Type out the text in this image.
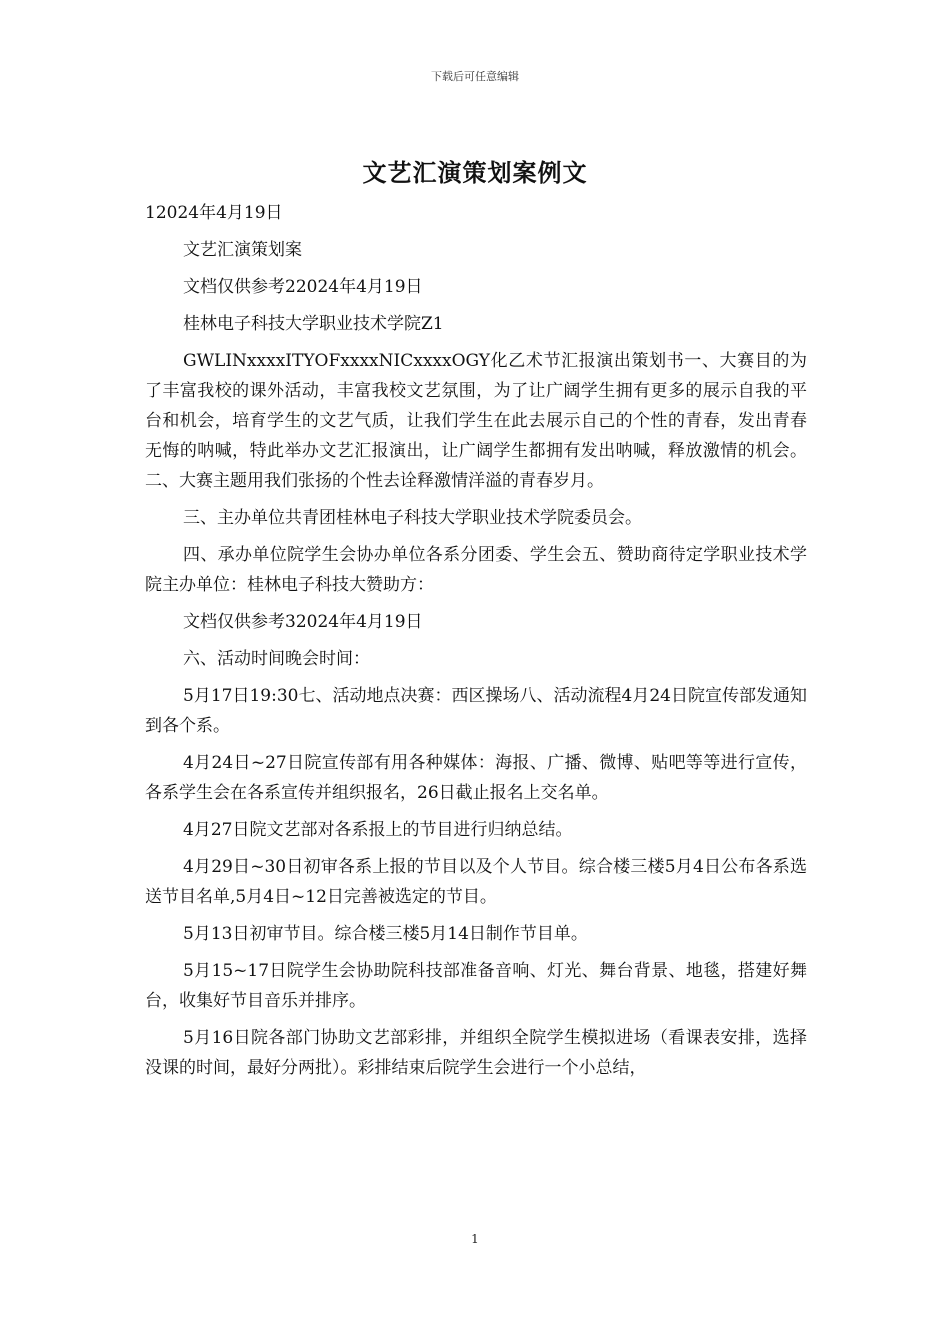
下载后可任意编辑
文艺汇演策划案例文

12024年4月19日

文艺汇演策划案

文档仅供参考22024年4月19日

桂林电子科技大学职业技术学院Z1

GWLINxxxxITYOFxxxxNICxxxxOGY化乙术节汇报演出策划书一、大赛目的为了丰富我校的课外活动，丰富我校文艺氛围，为了让广阔学生拥有更多的展示自我的平台和机会，培育学生的文艺气质，让我们学生在此去展示自己的个性的青春，发出青春无悔的呐喊，特此举办文艺汇报演出，让广阔学生都拥有发出呐喊，释放激情的机会。二、大赛主题用我们张扬的个性去诠释激情洋溢的青春岁月。

三、主办单位共青团桂林电子科技大学职业技术学院委员会。

四、承办单位院学生会协办单位各系分团委、学生会五、赞助商待定学职业技术学院主办单位：桂林电子科技大赞助方：

文档仅供参考32024年4月19日

六、活动时间晚会时间：

5月17日19:30七、活动地点决赛：西区操场八、活动流程4月24日院宣传部发通知到各个系。

4月24日~27日院宣传部有用各种媒体：海报、广播、微博、贴吧等等进行宣传，各系学生会在各系宣传并组织报名，26日截止报名上交名单。

4月27日院文艺部对各系报上的节目进行归纳总结。

4月29日~30日初审各系上报的节目以及个人节目。综合楼三楼5月4日公布各系选送节目名单,5月4日~12日完善被选定的节目。

5月13日初审节目。综合楼三楼5月14日制作节目单。

5月15~17日院学生会协助院科技部准备音响、灯光、舞台背景、地毯，搭建好舞台，收集好节目音乐并排序。

5月16日院各部门协助文艺部彩排，并组织全院学生模拟进场（看课表安排，选择没课的时间，最好分两批）。彩排结束后院学生会进行一个小总结，

1
